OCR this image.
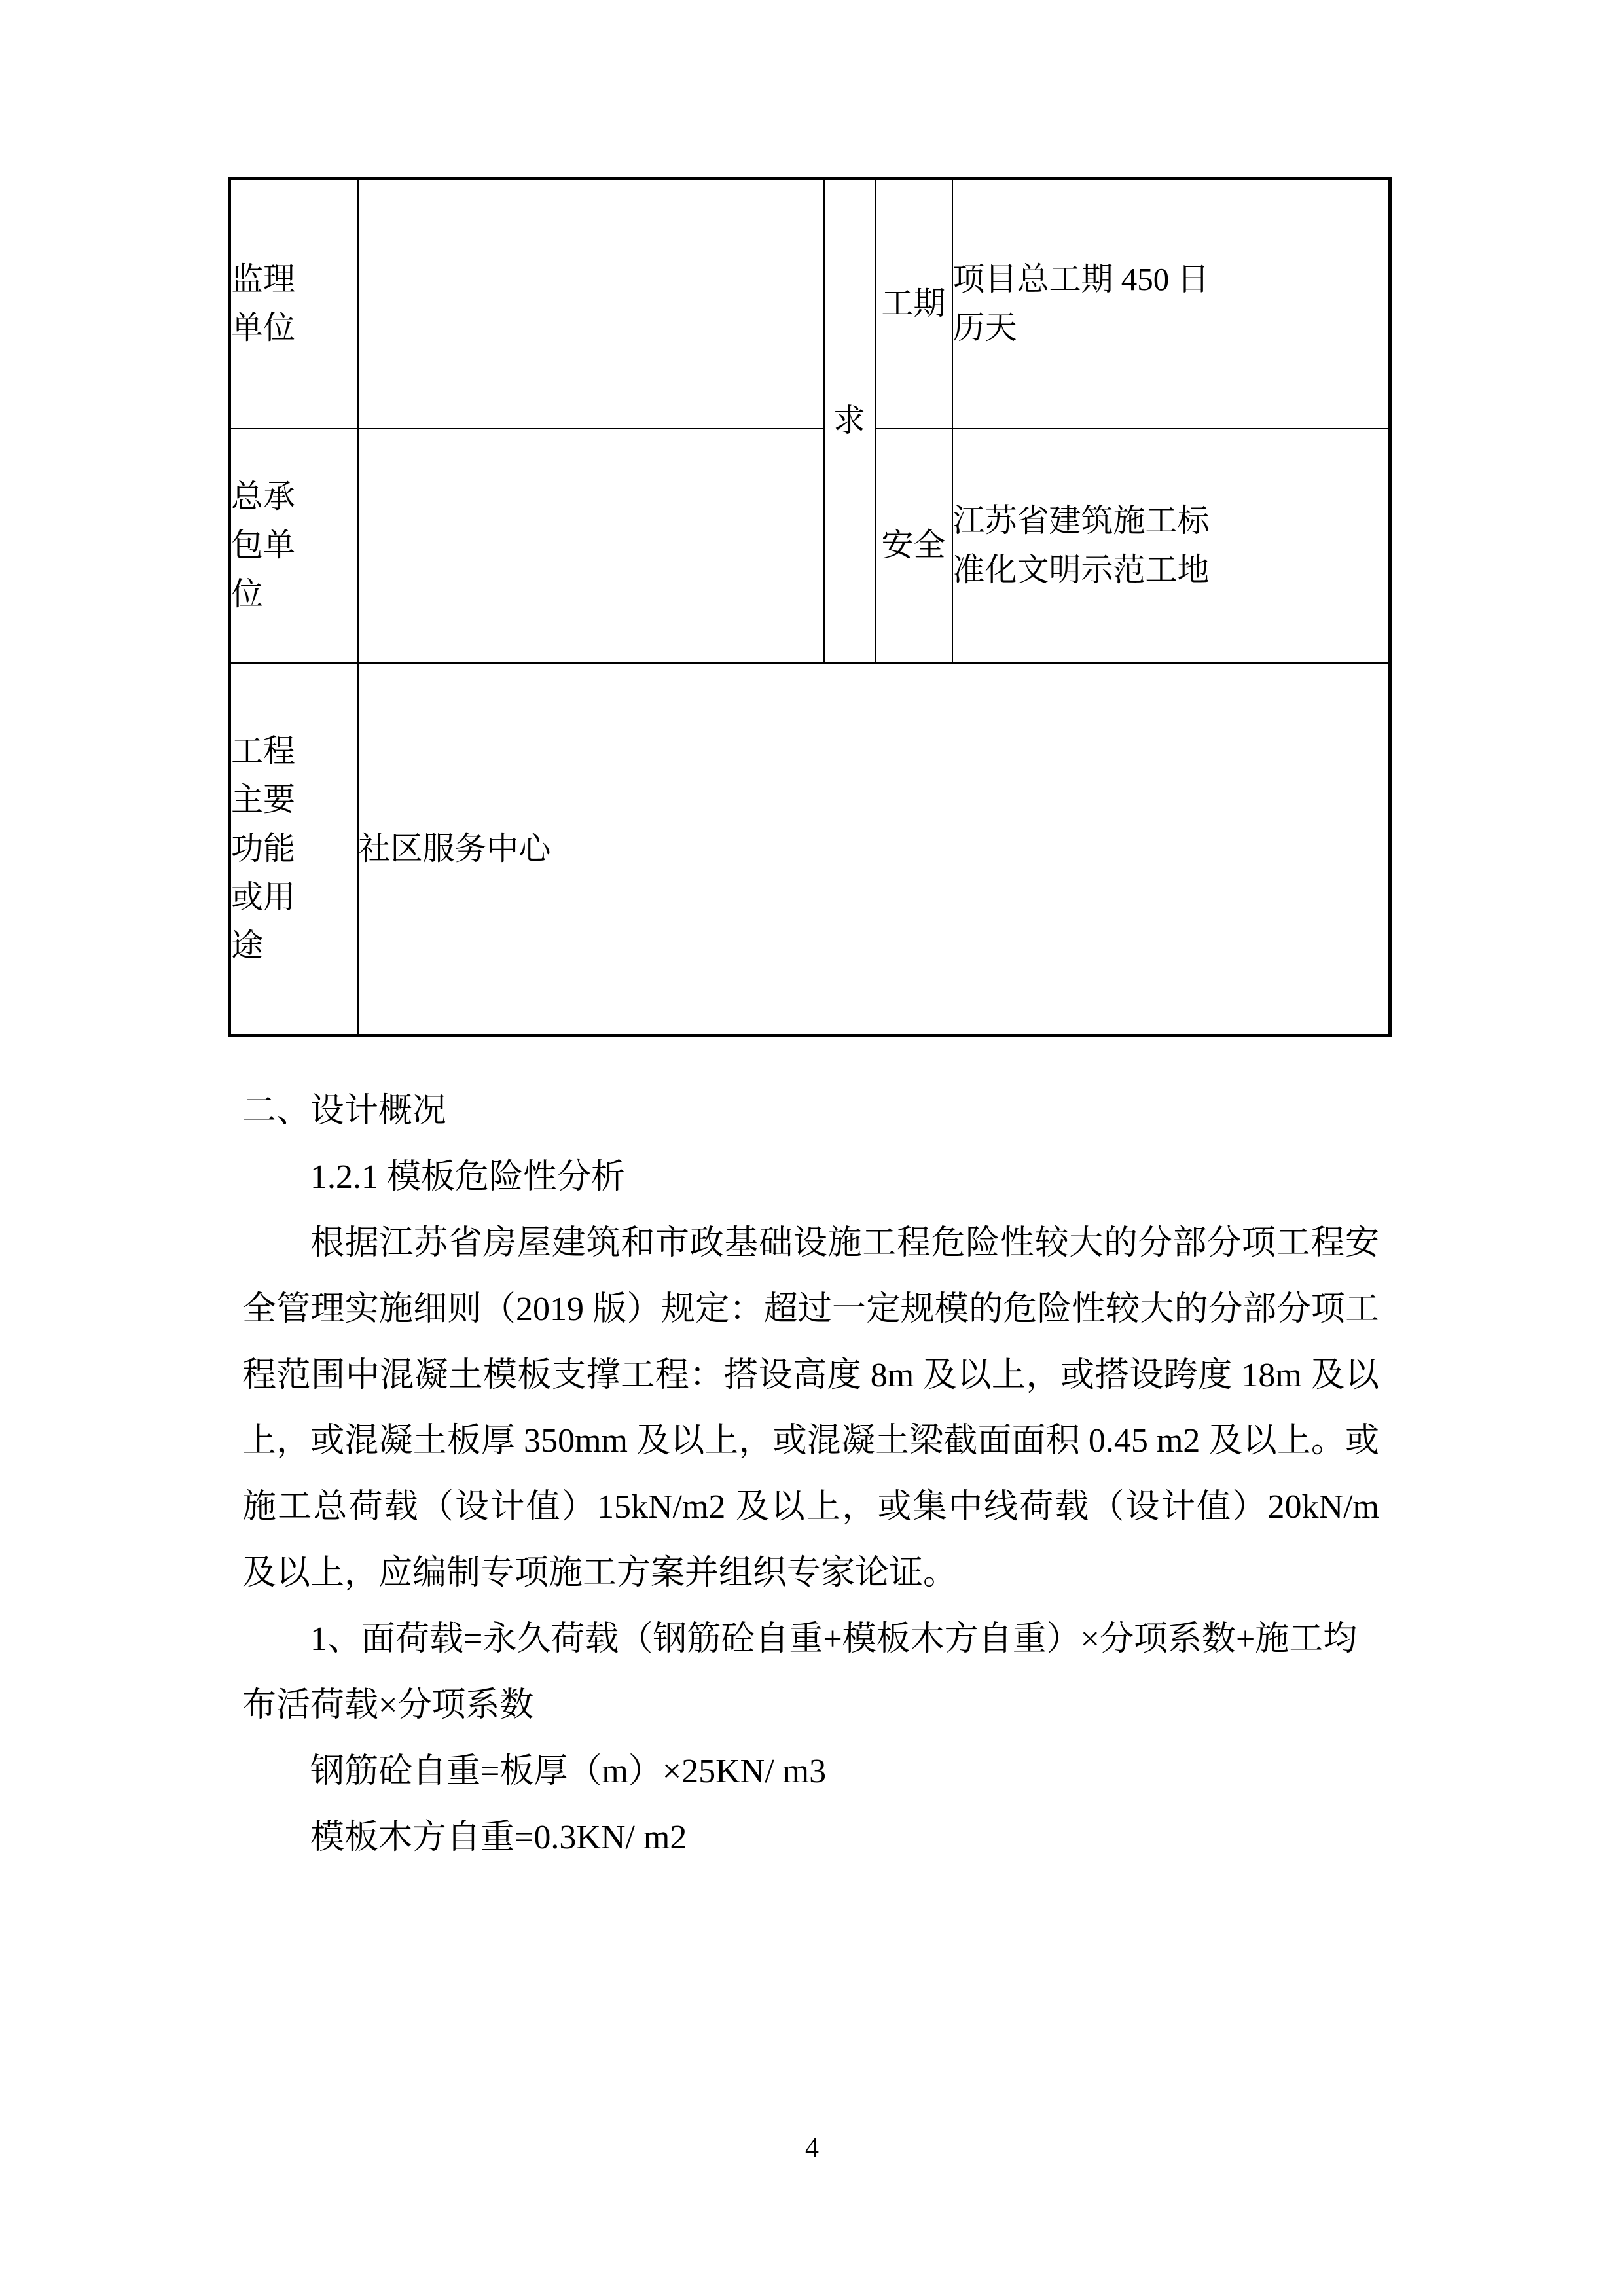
监理
单位		求	工期	项目总工期 450 日
历天

总承
包单
位			安全	江苏省建筑施工标
准化文明示范工地

工程
主要
功能
或用
途	社区服务中心			

二、设计概况

1.2.1 模板危险性分析

根据江苏省房屋建筑和市政基础设施工程危险性较大的分部分项工程安全管理实施细则（2019 版）规定：超过一定规模的危险性较大的分部分项工程范围中混凝土模板支撑工程：搭设高度 8m 及以上，或搭设跨度 18m 及以上，或混凝土板厚 350mm 及以上，或混凝土梁截面面积 0.45 m2 及以上。或施工总荷载（设计值）15kN/m2 及以上，或集中线荷载（设计值）20kN/m 及以上，应编制专项施工方案并组织专家论证。

1、面荷载=永久荷载（钢筋砼自重+模板木方自重）×分项系数+施工均布活荷载×分项系数

钢筋砼自重=板厚（m）×25KN/ m3

模板木方自重=0.3KN/ m2

4
